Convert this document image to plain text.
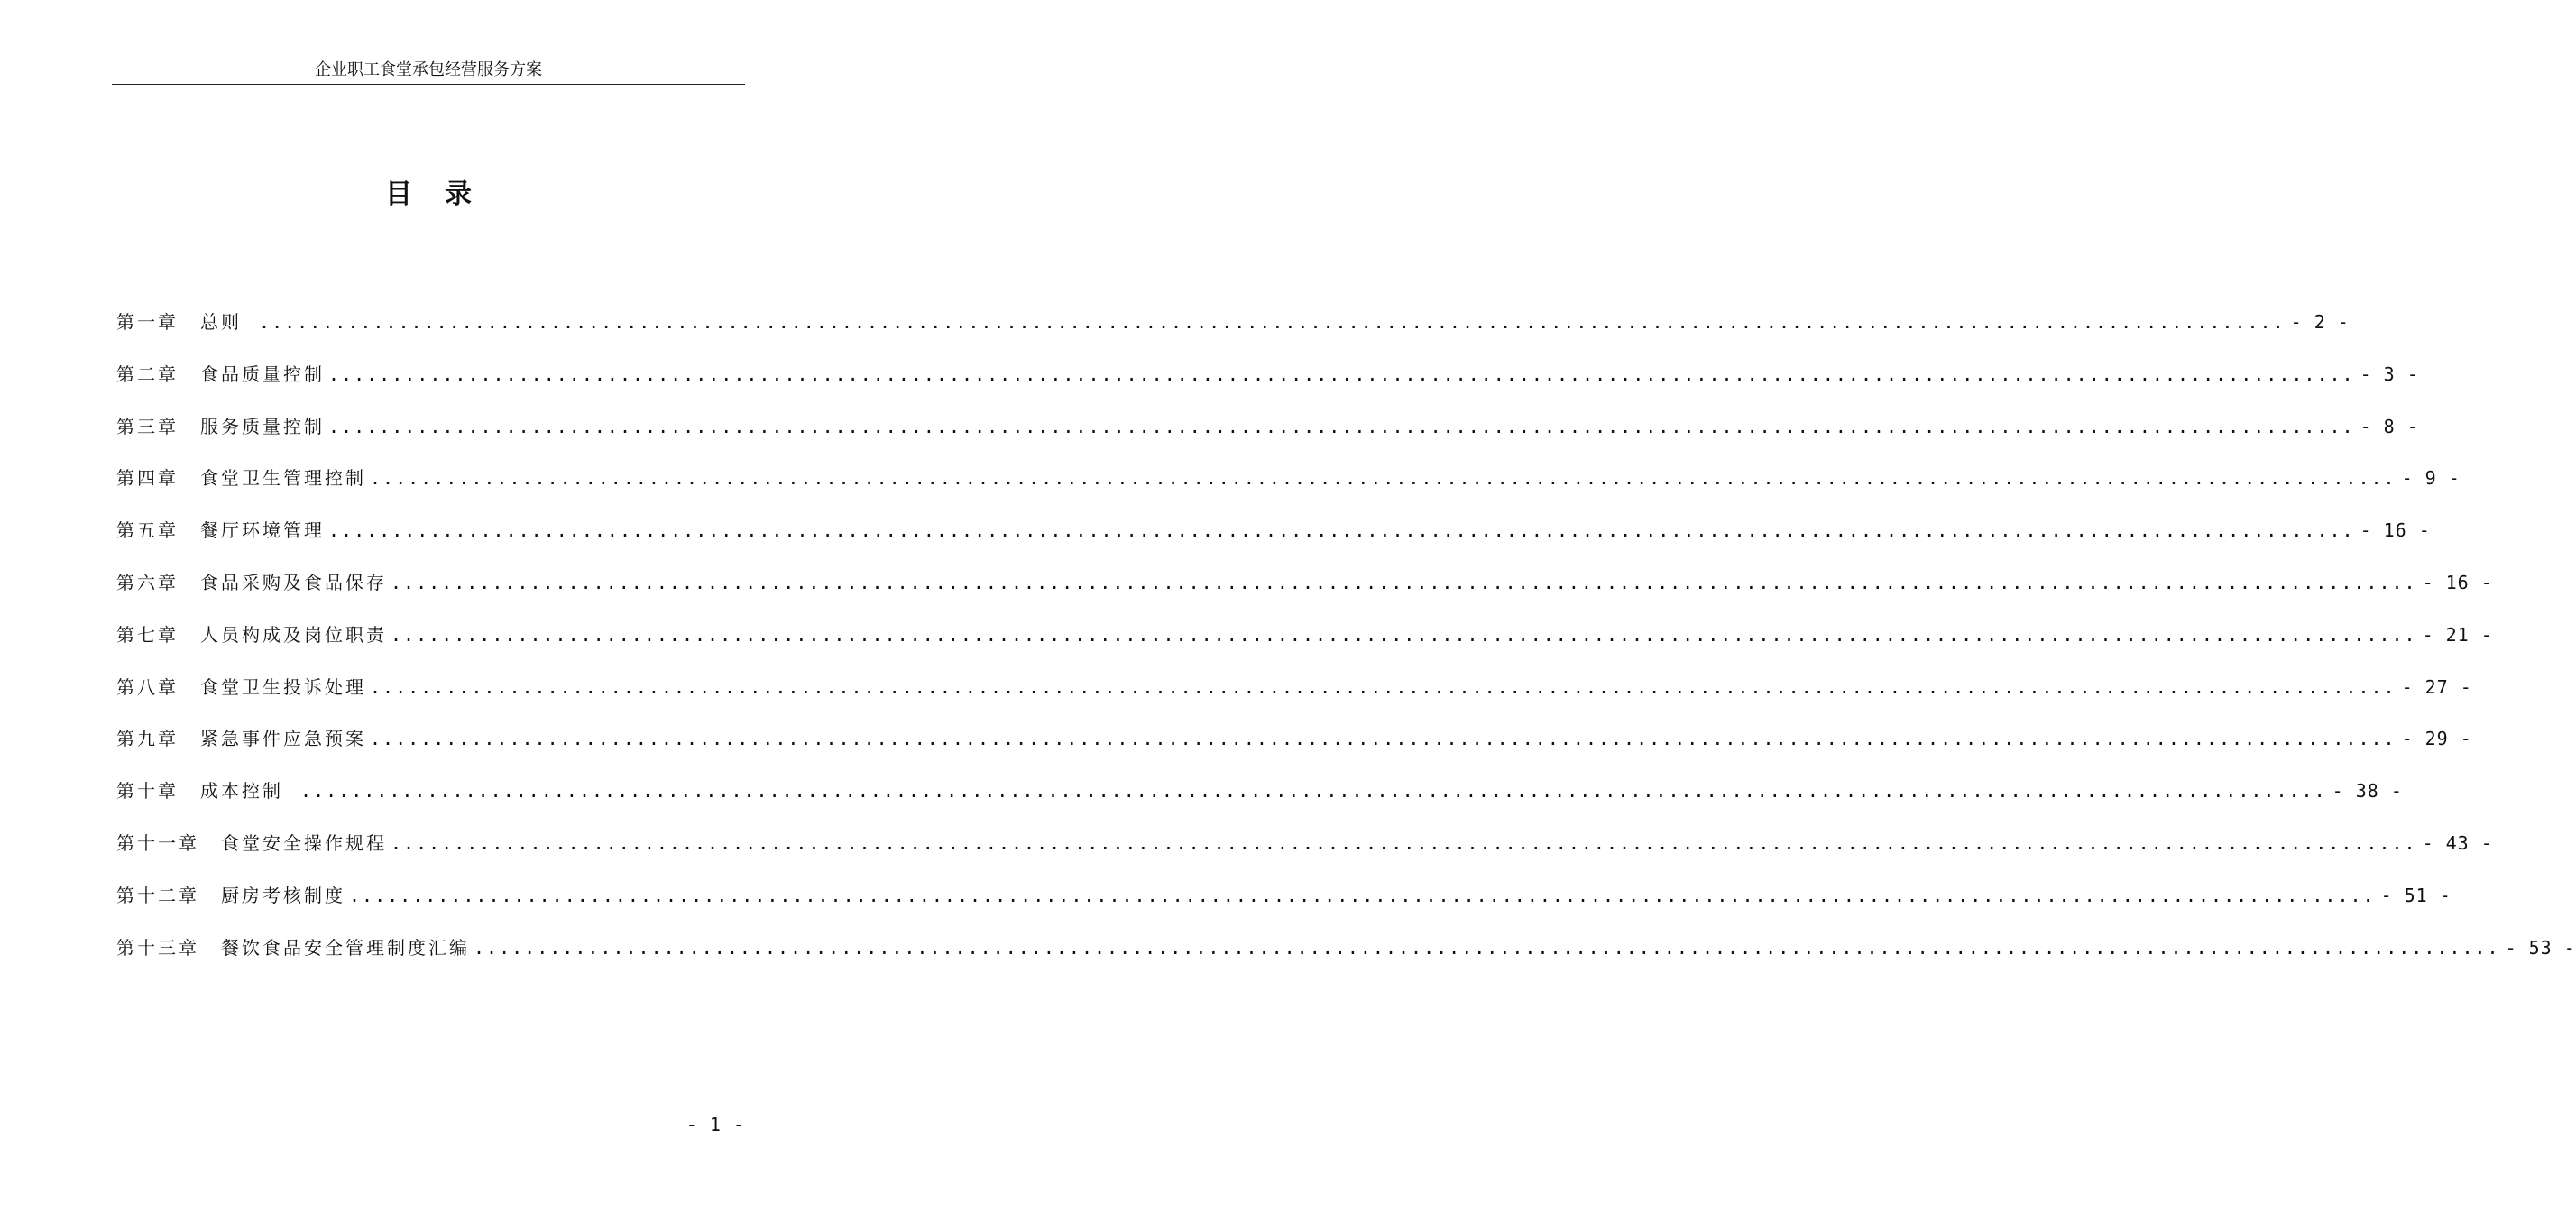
企业职工食堂承包经营服务方案
目录
第一章 总则 ................................................................................................................................................................ - 2 -
第二章 食品质量控制 ................................................................................................................................................................ - 3 -
第三章 服务质量控制 ................................................................................................................................................................ - 8 -
第四章 食堂卫生管理控制 ................................................................................................................................................................ - 9 -
第五章 餐厅环境管理 ................................................................................................................................................................ - 16 -
第六章 食品采购及食品保存 ................................................................................................................................................................ - 16 -
第七章 人员构成及岗位职责 ................................................................................................................................................................ - 21 -
第八章 食堂卫生投诉处理 ................................................................................................................................................................ - 27 -
第九章 紧急事件应急预案 ................................................................................................................................................................ - 29 -
第十章 成本控制 ................................................................................................................................................................ - 38 -
第十一章 食堂安全操作规程 ................................................................................................................................................................ - 43 -
第十二章 厨房考核制度 ................................................................................................................................................................ - 51 -
第十三章 餐饮食品安全管理制度汇编 ................................................................................................................................................................ - 53 -
- 1 -
